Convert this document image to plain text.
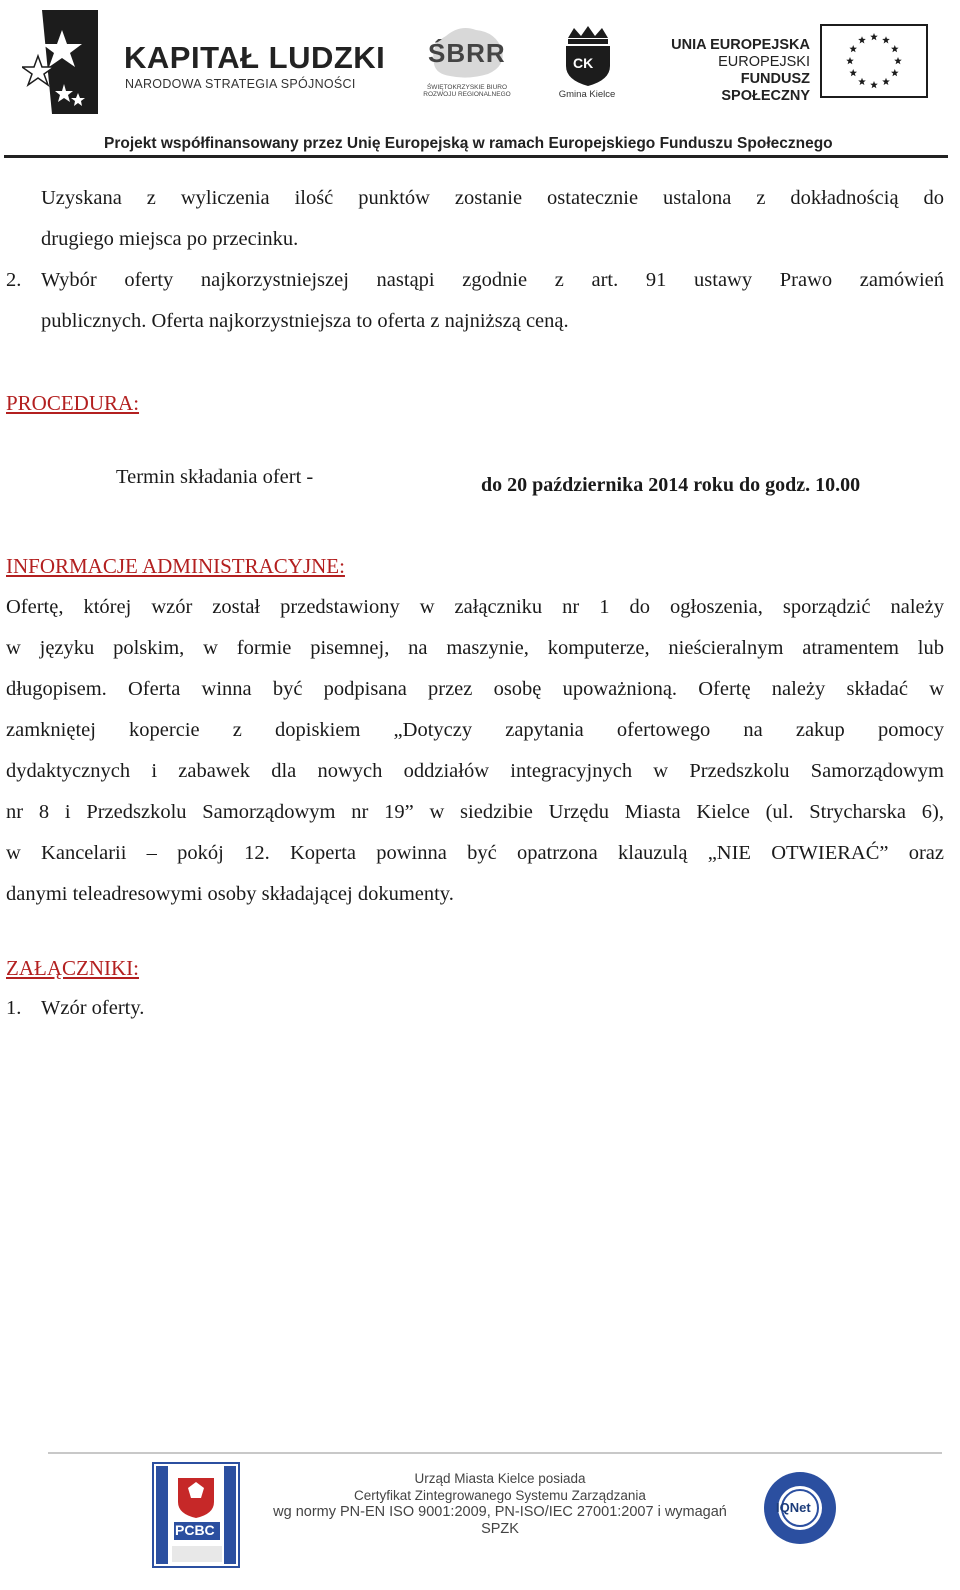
KAPITAŁ LUDZKI
NARODOWA STRATEGIA SPÓJNOŚCI
ŚBRR
ŚWIĘTOKRZYSKIE BIURO ROZWOJU REGIONALNEGO
CK
Gmina Kielce
UNIA EUROPEJSKA
EUROPEJSKI
FUNDUSZ SPOŁECZNY
Projekt współfinansowany przez Unię Europejską w ramach Europejskiego Funduszu Społecznego
Uzyskana z wyliczenia ilość punktów zostanie ostatecznie ustalona z dokładnością do
drugiego miejsca po przecinku.
2. Wybór oferty najkorzystniejszej nastąpi zgodnie z art. 91 ustawy Prawo zamówień
publicznych. Oferta najkorzystniejsza to oferta z najniższą ceną.
PROCEDURA:
Termin składania ofert -	do 20 października 2014 roku do godz. 10.00
INFORMACJE ADMINISTRACYJNE:
Ofertę, której wzór został przedstawiony w załączniku nr 1 do ogłoszenia, sporządzić należy
w języku polskim, w formie pisemnej, na maszynie, komputerze, nieścieralnym atramentem lub
długopisem. Oferta winna być podpisana przez osobę upoważnioną. Ofertę należy składać w
zamkniętej kopercie z dopiskiem „Dotyczy zapytania ofertowego na zakup pomocy
dydaktycznych i zabawek dla nowych oddziałów integracyjnych w Przedszkolu Samorządowym
nr 8 i Przedszkolu Samorządowym nr 19” w siedzibie Urzędu Miasta Kielce (ul. Strycharska 6),
w Kancelarii – pokój 12. Koperta powinna być opatrzona klauzulą „NIE OTWIERAĆ” oraz
danymi teleadresowymi osoby składającej dokumenty.
ZAŁĄCZNIKI:
1. Wzór oferty.
PCBC
Urząd Miasta Kielce posiada
Certyfikat Zintegrowanego Systemu Zarządzania
wg normy PN-EN ISO 9001:2009, PN-ISO/IEC 27001:2007 i wymagań SPZK
IQNet
